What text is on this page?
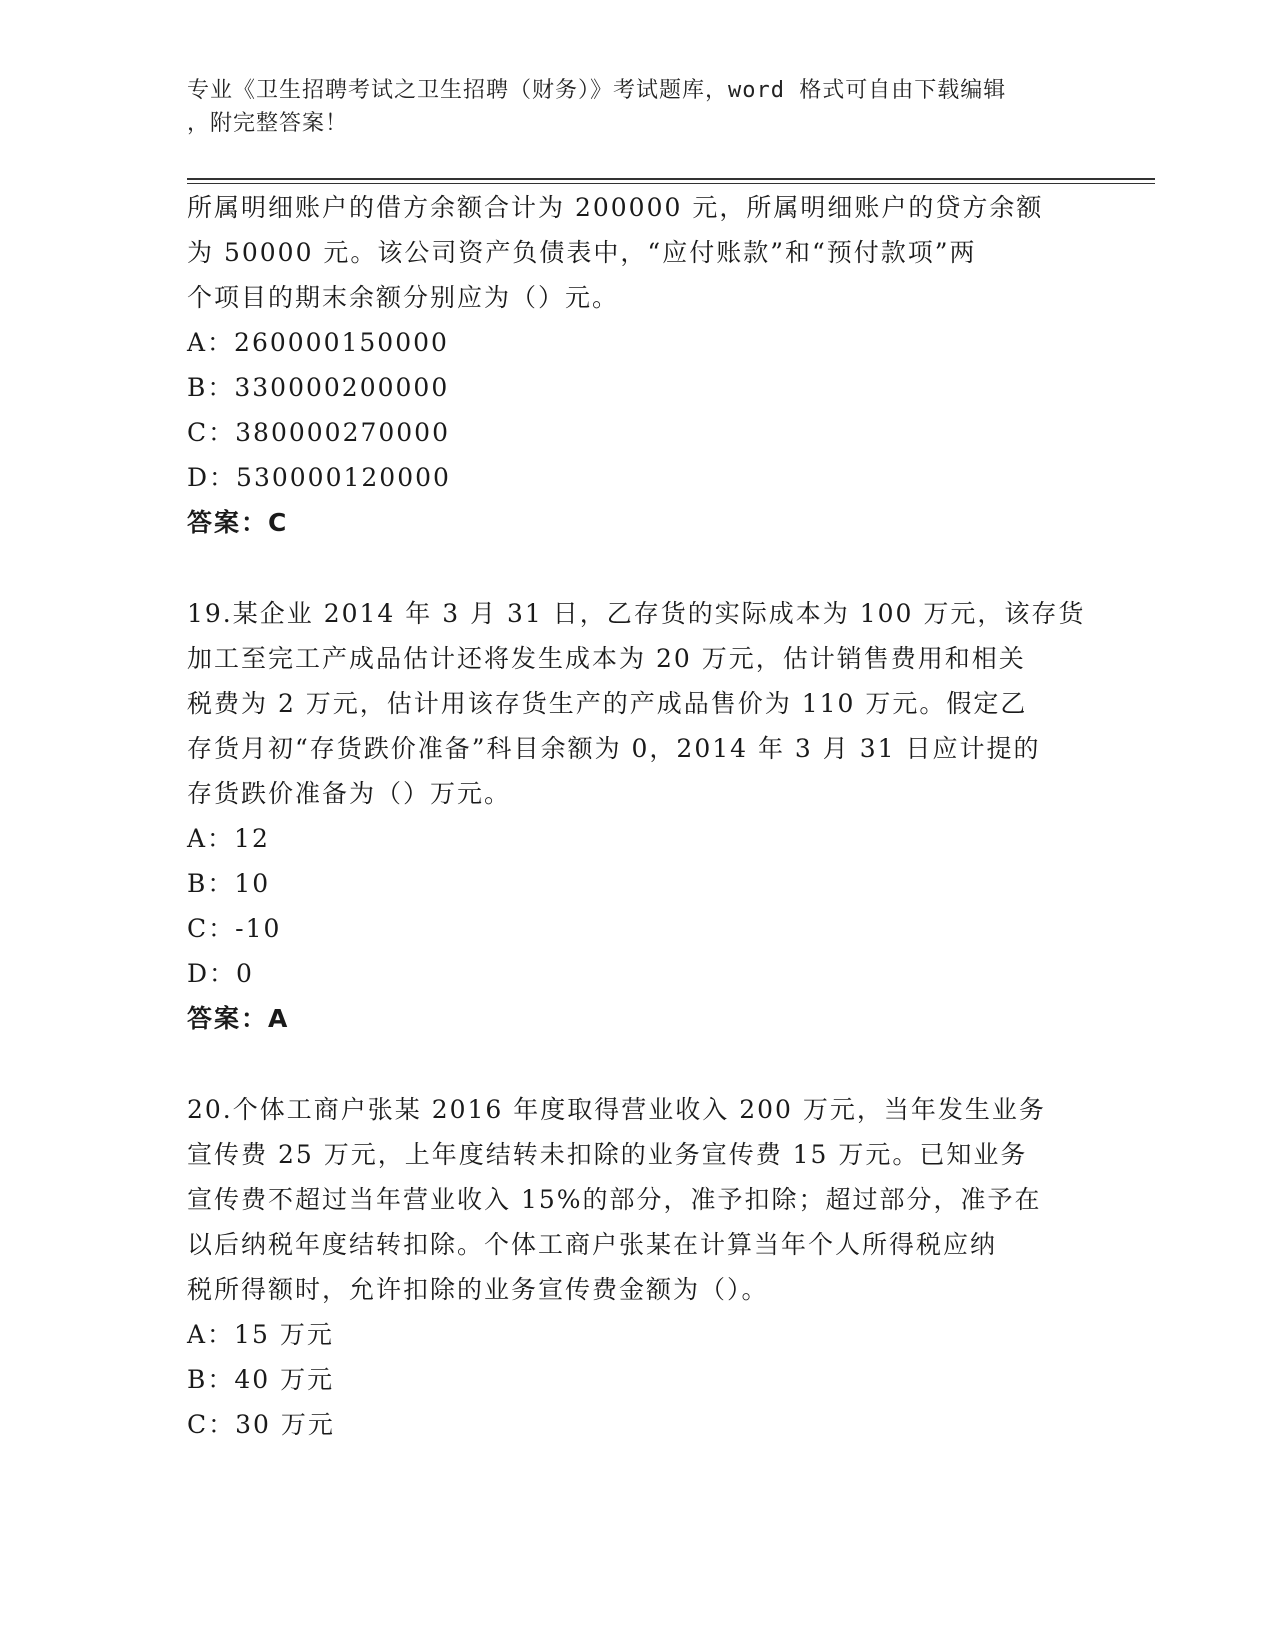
专业《卫生招聘考试之卫生招聘（财务）》考试题库，word 格式可自由下载编辑
，附完整答案！

所属明细账户的借方余额合计为 200000 元，所属明细账户的贷方余额

为 50000 元。该公司资产负债表中，“应付账款”和“预付款项”两

个项目的期末余额分别应为（）元。

A：260000150000

B：330000200000

C：380000270000

D：530000120000

答案：C

19.某企业 2014 年 3 月 31 日，乙存货的实际成本为 100 万元，该存货

加工至完工产成品估计还将发生成本为 20 万元，估计销售费用和相关

税费为 2 万元，估计用该存货生产的产成品售价为 110 万元。假定乙

存货月初“存货跌价准备”科目余额为 0，2014 年 3 月 31 日应计提的

存货跌价准备为（）万元。

A：12

B：10

C：-10

D：0

答案：A

20.个体工商户张某 2016 年度取得营业收入 200 万元，当年发生业务

宣传费 25 万元，上年度结转未扣除的业务宣传费 15 万元。已知业务

宣传费不超过当年营业收入 15%的部分，准予扣除；超过部分，准予在

以后纳税年度结转扣除。个体工商户张某在计算当年个人所得税应纳

税所得额时，允许扣除的业务宣传费金额为（）。

A：15 万元

B：40 万元

C：30 万元
